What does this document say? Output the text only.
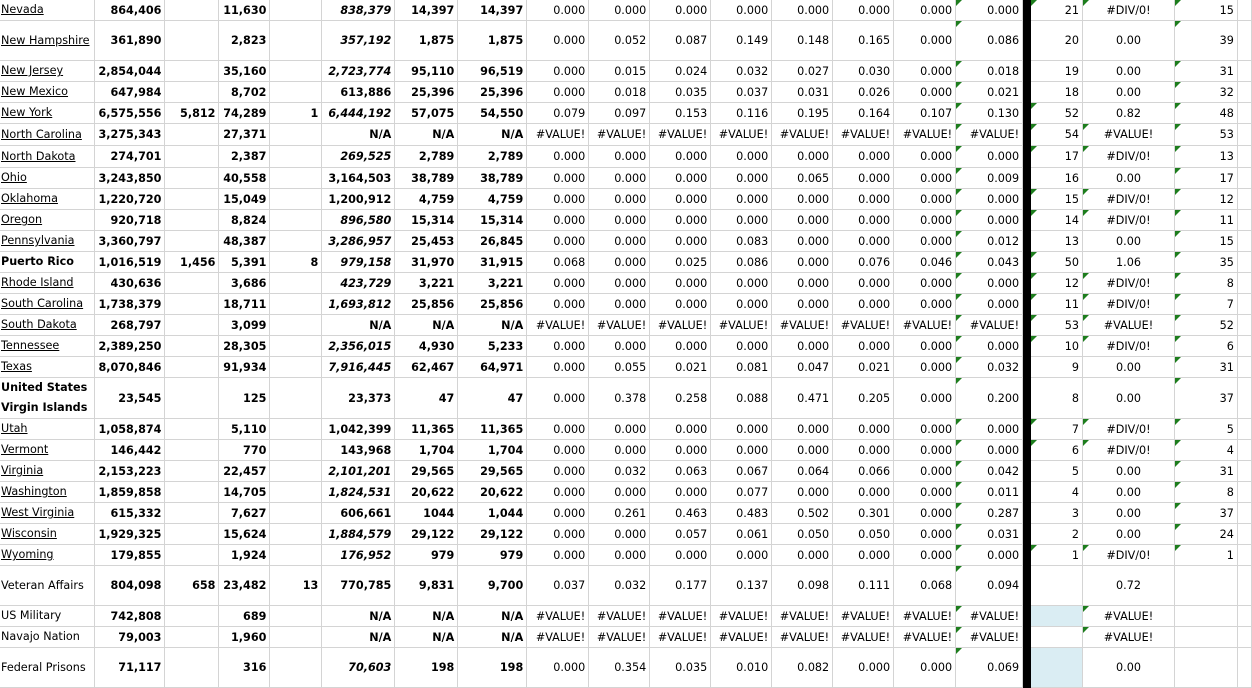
Nevada	864,406		11,630		838,379	14,397	14,397	0.000	0.000	0.000	0.000	0.000	0.000	0.000	0.000		21	#DIV/0!	15	
New Hampshire	361,890		2,823		357,192	1,875	1,875	0.000	0.052	0.087	0.149	0.148	0.165	0.000	0.086		20	0.00	39	
New Jersey	2,854,044		35,160		2,723,774	95,110	96,519	0.000	0.015	0.024	0.032	0.027	0.030	0.000	0.018		19	0.00	31	
New Mexico	647,984		8,702		613,886	25,396	25,396	0.000	0.018	0.035	0.037	0.031	0.026	0.000	0.021		18	0.00	32	
New York	6,575,556	5,812	74,289	1	6,444,192	57,075	54,550	0.079	0.097	0.153	0.116	0.195	0.164	0.107	0.130		52	0.82	48	
North Carolina	3,275,343		27,371		N/A	N/A	N/A	#VALUE!	#VALUE!	#VALUE!	#VALUE!	#VALUE!	#VALUE!	#VALUE!	#VALUE!		54	#VALUE!	53	
North Dakota	274,701		2,387		269,525	2,789	2,789	0.000	0.000	0.000	0.000	0.000	0.000	0.000	0.000		17	#DIV/0!	13	
Ohio	3,243,850		40,558		3,164,503	38,789	38,789	0.000	0.000	0.000	0.000	0.065	0.000	0.000	0.009		16	0.00	17	
Oklahoma	1,220,720		15,049		1,200,912	4,759	4,759	0.000	0.000	0.000	0.000	0.000	0.000	0.000	0.000		15	#DIV/0!	12	
Oregon	920,718		8,824		896,580	15,314	15,314	0.000	0.000	0.000	0.000	0.000	0.000	0.000	0.000		14	#DIV/0!	11	
Pennsylvania	3,360,797		48,387		3,286,957	25,453	26,845	0.000	0.000	0.000	0.083	0.000	0.000	0.000	0.012		13	0.00	15	
Puerto Rico	1,016,519	1,456	5,391	8	979,158	31,970	31,915	0.068	0.000	0.025	0.086	0.000	0.076	0.046	0.043		50	1.06	35	
Rhode Island	430,636		3,686		423,729	3,221	3,221	0.000	0.000	0.000	0.000	0.000	0.000	0.000	0.000		12	#DIV/0!	8	
South Carolina	1,738,379		18,711		1,693,812	25,856	25,856	0.000	0.000	0.000	0.000	0.000	0.000	0.000	0.000		11	#DIV/0!	7	
South Dakota	268,797		3,099		N/A	N/A	N/A	#VALUE!	#VALUE!	#VALUE!	#VALUE!	#VALUE!	#VALUE!	#VALUE!	#VALUE!		53	#VALUE!	52	
Tennessee	2,389,250		28,305		2,356,015	4,930	5,233	0.000	0.000	0.000	0.000	0.000	0.000	0.000	0.000		10	#DIV/0!	6	
Texas	8,070,846		91,934		7,916,445	62,467	64,971	0.000	0.055	0.021	0.081	0.047	0.021	0.000	0.032		9	0.00	31	
United States Virgin Islands	23,545		125		23,373	47	47	0.000	0.378	0.258	0.088	0.471	0.205	0.000	0.200		8	0.00	37	
Utah	1,058,874		5,110		1,042,399	11,365	11,365	0.000	0.000	0.000	0.000	0.000	0.000	0.000	0.000		7	#DIV/0!	5	
Vermont	146,442		770		143,968	1,704	1,704	0.000	0.000	0.000	0.000	0.000	0.000	0.000	0.000		6	#DIV/0!	4	
Virginia	2,153,223		22,457		2,101,201	29,565	29,565	0.000	0.032	0.063	0.067	0.064	0.066	0.000	0.042		5	0.00	31	
Washington	1,859,858		14,705		1,824,531	20,622	20,622	0.000	0.000	0.000	0.077	0.000	0.000	0.000	0.011		4	0.00	8	
West Virginia	615,332		7,627		606,661	1044	1,044	0.000	0.261	0.463	0.483	0.502	0.301	0.000	0.287		3	0.00	37	
Wisconsin	1,929,325		15,624		1,884,579	29,122	29,122	0.000	0.000	0.057	0.061	0.050	0.050	0.000	0.031		2	0.00	24	
Wyoming	179,855		1,924		176,952	979	979	0.000	0.000	0.000	0.000	0.000	0.000	0.000	0.000		1	#DIV/0!	1	
Veteran Affairs	804,098	658	23,482	13	770,785	9,831	9,700	0.037	0.032	0.177	0.137	0.098	0.111	0.068	0.094			0.72		
US Military	742,808		689		N/A	N/A	N/A	#VALUE!	#VALUE!	#VALUE!	#VALUE!	#VALUE!	#VALUE!	#VALUE!	#VALUE!			#VALUE!		
Navajo Nation	79,003		1,960		N/A	N/A	N/A	#VALUE!	#VALUE!	#VALUE!	#VALUE!	#VALUE!	#VALUE!	#VALUE!	#VALUE!			#VALUE!		
Federal Prisons	71,117		316		70,603	198	198	0.000	0.354	0.035	0.010	0.082	0.000	0.000	0.069			0.00		
